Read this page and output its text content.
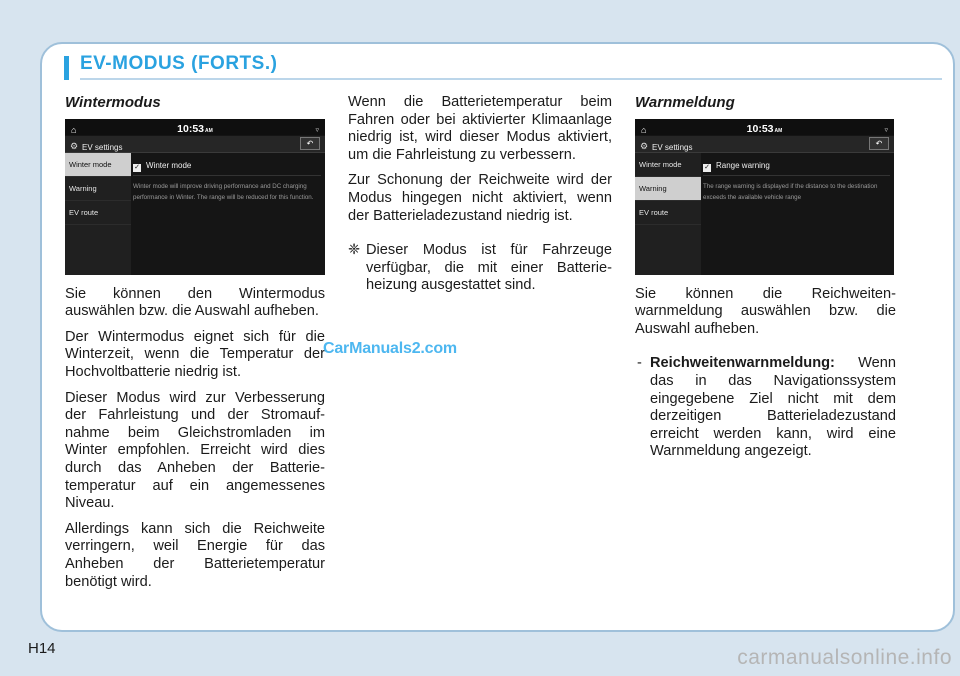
EV-MODUS (FORTS.)
Wintermodus
⌂	10:53AM	▿
⚙ EV settings	↶
Winter mode
Warning
EV route
✓ Winter mode
Winter mode will improve driving performance and DC charging performance in Winter. The range will be reduced for this function.

Sie können den Wintermodus auswählen bzw. die Auswahl aufheben.

Der Wintermodus eignet sich für die Winterzeit, wenn die Temperatur der Hochvoltbatterie niedrig ist.

Dieser Modus wird zur Verbesserung der Fahrleistung und der Stromauf-nahme beim Gleichstromladen im Winter empfohlen. Erreicht wird dies durch das Anheben der Batterie-temperatur auf ein angemessenes Niveau.

Allerdings kann sich die Reichweite verringern, weil Energie für das Anheben der Batterietemperatur benötigt wird.

Wenn die Batterietemperatur beim Fahren oder bei aktivierter Klimaanlage niedrig ist, wird dieser Modus aktiviert, um die Fahrleistung zu verbessern.

Zur Schonung der Reichweite wird der Modus hingegen nicht aktiviert, wenn der Batterieladezustand niedrig ist.

❈ Dieser Modus ist für Fahrzeuge verfügbar, die mit einer Batterie-heizung ausgestattet sind.
Warnmeldung
⌂	10:53AM	▿
⚙ EV settings	↶
Winter mode
Warning
EV route
✓ Range warning
The range warning is displayed if the distance to the destination exceeds the available vehicle range

Sie können die Reichweiten-warnmeldung auswählen bzw. die Auswahl aufheben.

- Reichweitenwarnmeldung: Wenn das in das Navigationssystem eingegebene Ziel nicht mit dem derzeitigen Batterieladezustand erreicht werden kann, wird eine Warnmeldung angezeigt.
CarManuals2.com
H14	carmanualsonline.info
